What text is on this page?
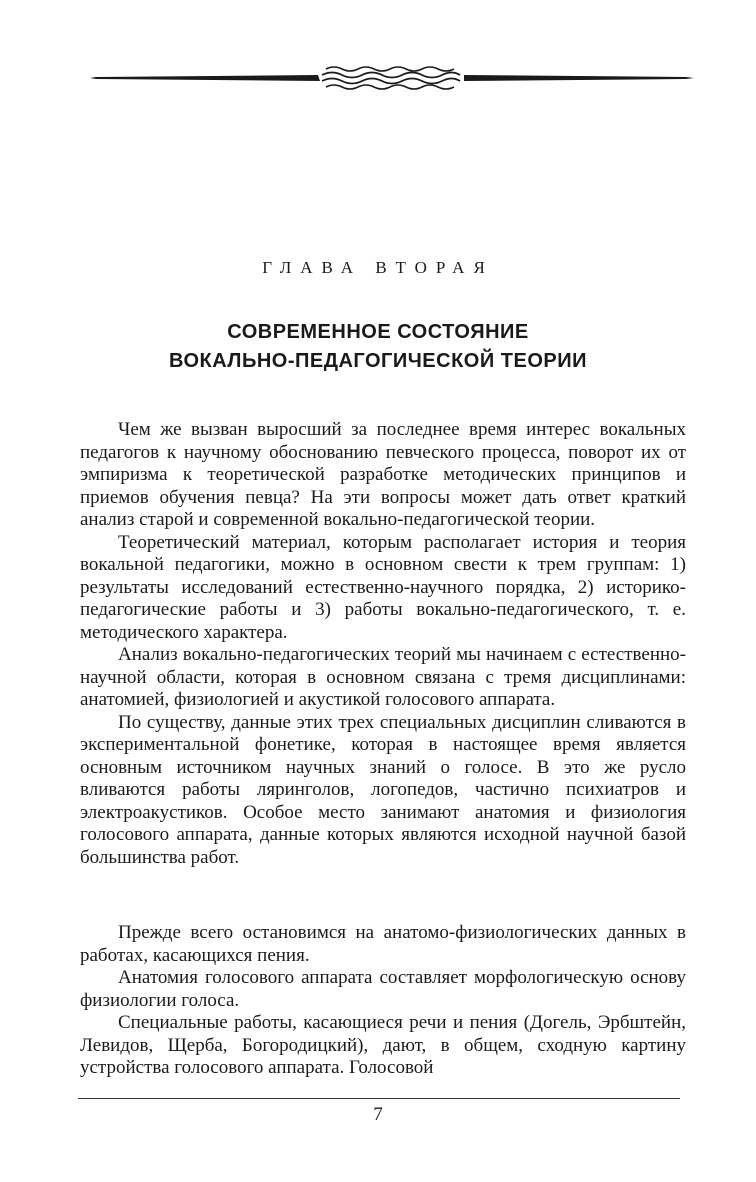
ГЛАВА ВТОРАЯ
СОВРЕМЕННОЕ СОСТОЯНИЕ
ВОКАЛЬНО-ПЕДАГОГИЧЕСКОЙ ТЕОРИИ

Чем же вызван выросший за последнее время интерес вокальных педагогов к научному обоснованию певческого процесса, поворот их от эмпиризма к теоретической разработке методических принципов и приемов обучения певца? На эти вопросы может дать ответ краткий анализ старой и современной вокально-педагогической теории.

Теоретический материал, которым располагает история и теория вокальной педагогики, можно в основном свести к трем группам: 1) результаты исследований естественно-научного порядка, 2) историко-педагогические работы и 3) работы вокально-педагогического, т. е. методического характера.

Анализ вокально-педагогических теорий мы начинаем с естественно-научной области, которая в основном связана с тремя дисциплинами: анатомией, физиологией и акустикой голосового аппарата.

По существу, данные этих трех специальных дисциплин сливаются в экспериментальной фонетике, которая в настоящее время является основным источником научных знаний о голосе. В это же русло вливаются работы ляринголов, логопедов, частично психиатров и электроакустиков. Особое место занимают анатомия и физиология голосового аппарата, данные которых являются исходной научной базой большинства работ.

Прежде всего остановимся на анатомо-физиологических данных в работах, касающихся пения.

Анатомия голосового аппарата составляет морфологическую основу физиологии голоса.

Специальные работы, касающиеся речи и пения (Догель, Эрбштейн, Левидов, Щерба, Богородицкий), дают, в общем, сходную картину устройства голосового аппарата. Голосовой

7
